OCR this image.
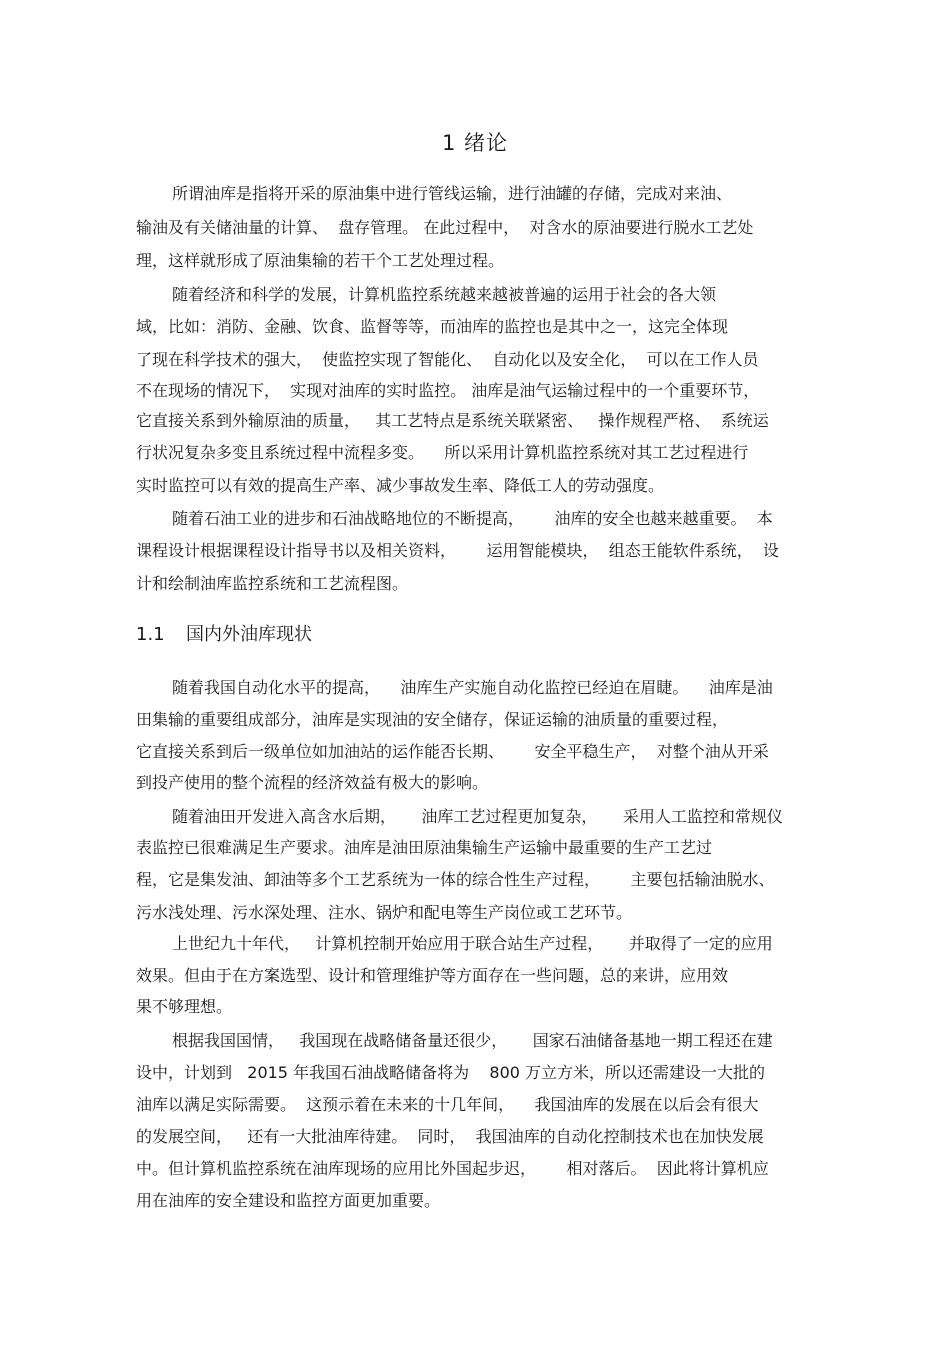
1 绪论
所谓油库是指将开采的原油集中进行管线运输，进行油罐的存储，完成对来油、
输油及有关储油量的计算、  盘存管理。 在此过程中，  对含水的原油要进行脱水工艺处
理，这样就形成了原油集输的若干个工艺处理过程。
随着经济和科学的发展，计算机监控系统越来越被普遍的运用于社会的各大领
域，比如：消防、金融、饮食、监督等等，而油库的监控也是其中之一，这完全体现
了现在科学技术的强大，  使监控实现了智能化、  自动化以及安全化，  可以在工作人员
不在现场的情况下，  实现对油库的实时监控。 油库是油气运输过程中的一个重要环节，
它直接关系到外输原油的质量，   其工艺特点是系统关联紧密、   操作规程严格、  系统运
行状况复杂多变且系统过程中流程多变。    所以采用计算机监控系统对其工艺过程进行
实时监控可以有效的提高生产率、减少事故发生率、降低工人的劳动强度。
随着石油工业的进步和石油战略地位的不断提高，      油库的安全也越来越重要。  本
课程设计根据课程设计指导书以及相关资料，      运用智能模块，  组态王能软件系统，  设
计和绘制油库监控系统和工艺流程图。
1.1 国内外油库现状
随着我国自动化水平的提高，    油库生产实施自动化监控已经迫在眉睫。    油库是油
田集输的重要组成部分，油库是实现油的安全储存，保证运输的油质量的重要过程，
它直接关系到后一级单位如加油站的运作能否长期、      安全平稳生产，  对整个油从开采
到投产使用的整个流程的经济效益有极大的影响。
随着油田开发进入高含水后期，     油库工艺过程更加复杂，     采用人工监控和常规仪
表监控已很难满足生产要求。油库是油田原油集输生产运输中最重要的生产工艺过
程，它是集发油、卸油等多个工艺系统为一体的综合性生产过程，      主要包括输油脱水、
污水浅处理、污水深处理、注水、锅炉和配电等生产岗位或工艺环节。
上世纪九十年代，   计算机控制开始应用于联合站生产过程，     并取得了一定的应用
效果。但由于在方案选型、设计和管理维护等方面存在一些问题，总的来讲，应用效
果不够理想。
根据我国国情，   我国现在战略储备量还很少，     国家石油储备基地一期工程还在建
设中，计划到   2015 年我国石油战略储备将为    800 万立方米，所以还需建设一大批的
油库以满足实际需要。  这预示着在未来的十几年间，    我国油库的发展在以后会有很大
的发展空间，   还有一大批油库待建。  同时，  我国油库的自动化控制技术也在加快发展
中。但计算机监控系统在油库现场的应用比外国起步迟，      相对落后。  因此将计算机应
用在油库的安全建设和监控方面更加重要。
